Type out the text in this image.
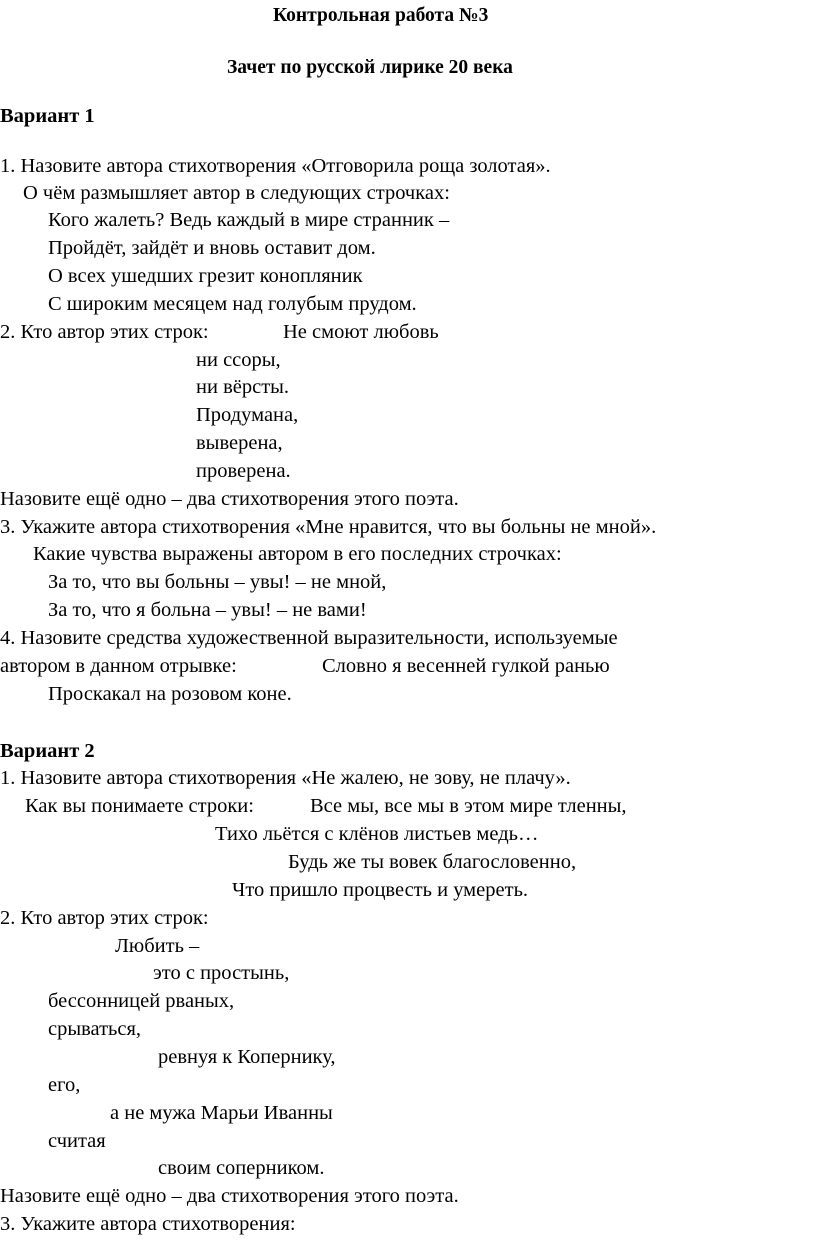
Контрольная работа №3
Зачет по русской лирике 20 века
Вариант 1
1. Назовите автора стихотворения «Отговорила роща золотая».
О чём размышляет автор в следующих строчках:
Кого жалеть? Ведь каждый в мире странник –
Пройдёт, зайдёт и вновь оставит дом.
О всех ушедших грезит конопляник
С широким месяцем над голубым прудом.
2. Кто автор этих строк:	Не смоют любовь
ни ссоры,
ни вёрсты.
Продумана,
выверена,
проверена.
Назовите ещё одно – два стихотворения этого поэта.
3. Укажите автора стихотворения «Мне нравится, что вы больны не мной».
Какие чувства выражены автором в его последних строчках:
За то, что вы больны – увы! – не мной,
За то, что я больна – увы! – не вами!
4. Назовите средства художественной выразительности, используемые
автором в данном отрывке:	Словно я весенней гулкой ранью
Проскакал на розовом коне.
Вариант 2
1. Назовите автора стихотворения «Не жалею, не зову, не плачу».
Как вы понимаете строки:	Все мы, все мы в этом мире тленны,
Тихо льётся с клёнов листьев медь…
Будь же ты вовек благословенно,
Что пришло процвесть и умереть.
2. Кто автор этих строк:
Любить –
это с простынь,
бессонницей рваных,
срываться,
ревнуя к Копернику,
его,
а не мужа Марьи Иванны
считая
своим соперником.
Назовите ещё одно – два стихотворения этого поэта.
3. Укажите автора стихотворения:
